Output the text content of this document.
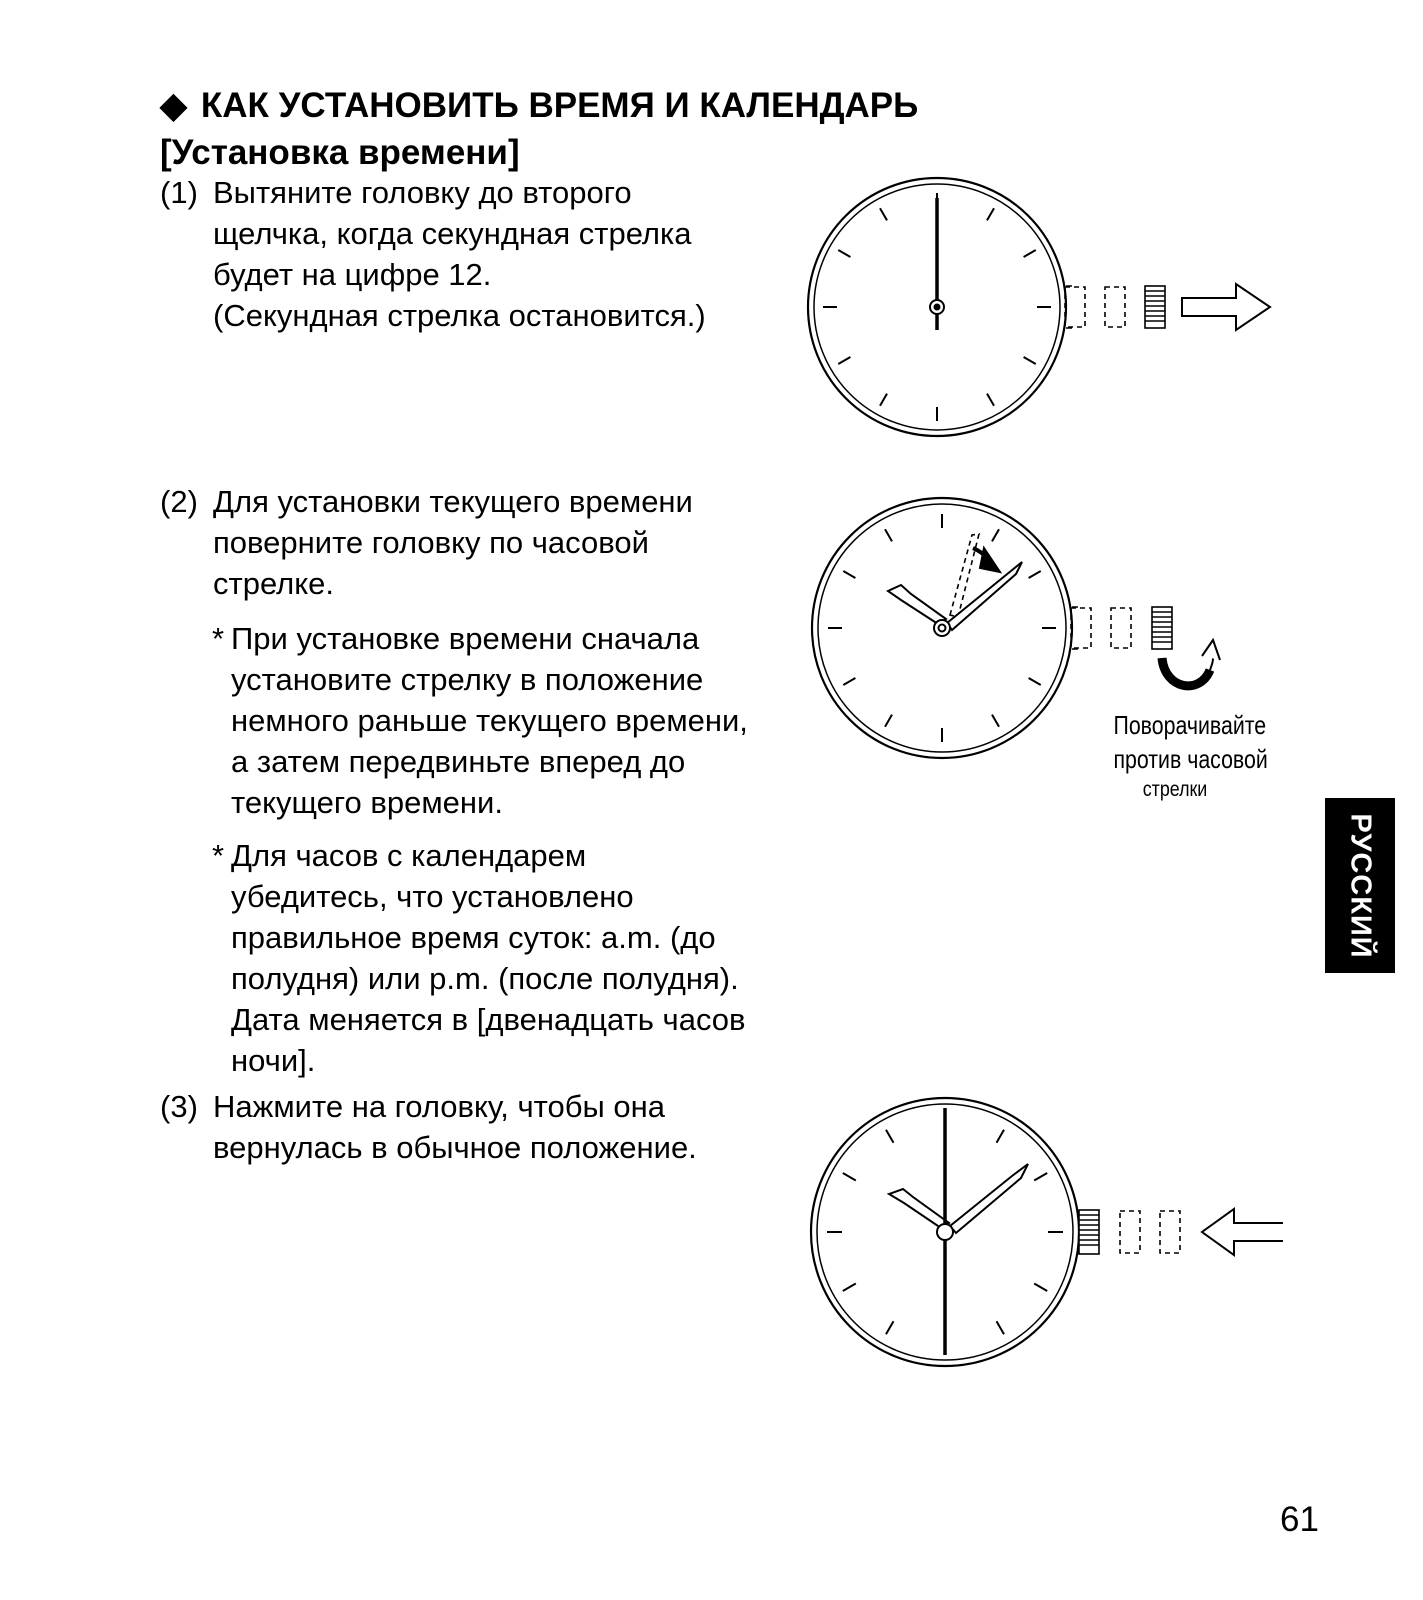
◆ КАК УСТАНОВИТЬ ВРЕМЯ И КАЛЕНДАРЬ
[Установка времени]
(1) Вытяните головку до второго
щелчка, когда секундная стрелка
будет на цифре 12.
(Секундная стрелка остановится.)
(2) Для установки текущего времени
поверните головку по часовой
стрелке.
* При установке времени сначала
установите стрелку в положение
немного раньше текущего времени,
а затем передвиньте вперед до
текущего времени.
* Для часов с календарем
убедитесь, что установлено
правильное время суток: a.m. (до
полудня) или p.m. (после полудня).
Дата меняется в [двенадцать часов
ночи].
(3) Нажмите на головку, чтобы она
вернулась в обычное положение.
Поворачивайте
против часовой
стрелки
РУССКИЙ
61
